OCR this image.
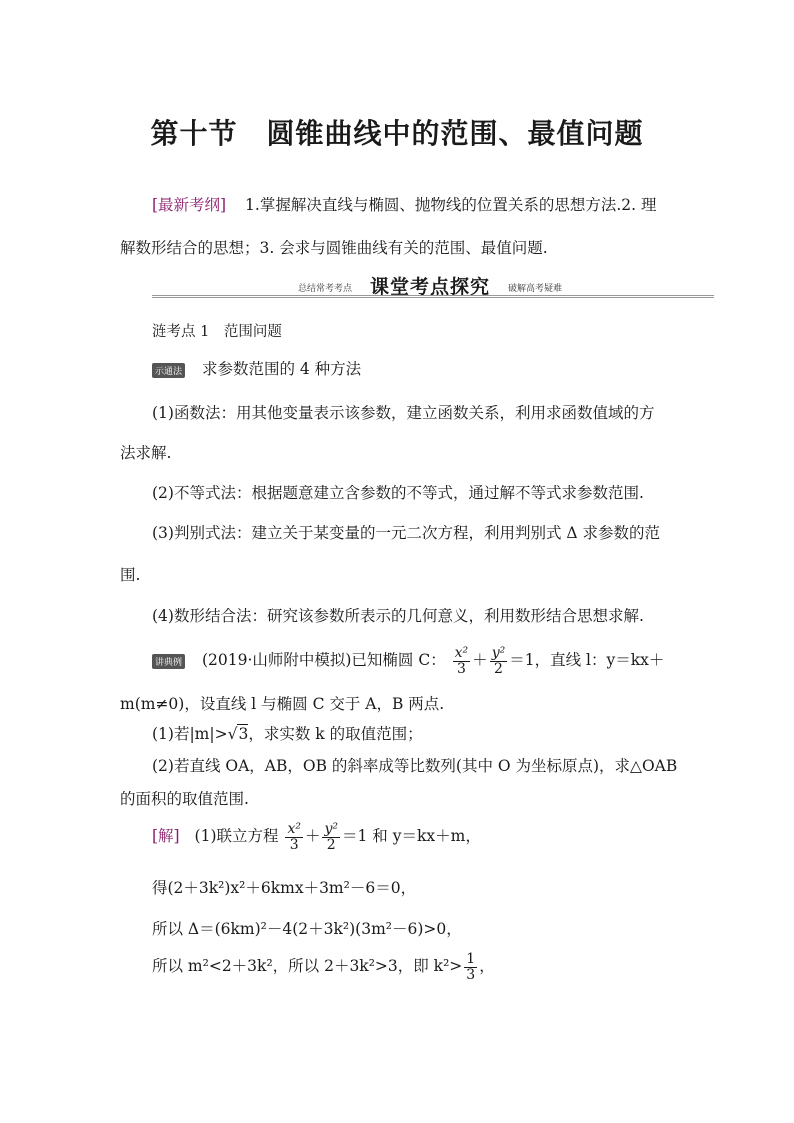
第十节　圆锥曲线中的范围、最值问题
[最新考纲] 1.掌握解决直线与椭圆、抛物线的位置关系的思想方法.2. 理
解数形结合的思想；3. 会求与圆锥曲线有关的范围、最值问题.
总结常考考点 课堂考点探究 破解高考疑难
涟考点 1　范围问题
示通法 求参数范围的 4 种方法
(1)函数法：用其他变量表示该参数，建立函数关系，利用求函数值域的方
法求解.
(2)不等式法：根据题意建立含参数的不等式，通过解不等式求参数范围.
(3)判别式法：建立关于某变量的一元二次方程，利用判别式 Δ 求参数的范
围.
(4)数形结合法：研究该参数所表示的几何意义，利用数形结合思想求解.
讲典例 (2019·山师附中模拟)已知椭圆 C： $\frac{\text{x²}}{3} + \frac{\text{y²}}{2} =1$，直线 l：y＝kx＋
m(m≠0)，设直线 l 与椭圆 C 交于 A，B 两点.
(1)若|m|>√3，求实数 k 的取值范围；
(2)若直线 OA，AB，OB 的斜率成等比数列(其中 O 为坐标原点)，求△OAB
的面积的取值范围.
[解] (1)联立方程 $\frac{\text{x²}}{3} + \frac{\text{y²}}{2} =1$ 和 y＝kx＋m，
得(2＋3k²)x²＋6kmx＋3m²－6＝0，
所以 Δ＝(6km)²－4(2＋3k²)(3m²－6)>0，
所以 m²<2＋3k²，所以 2＋3k²>3，即 $k^2> \frac{1}{3}$ ，
